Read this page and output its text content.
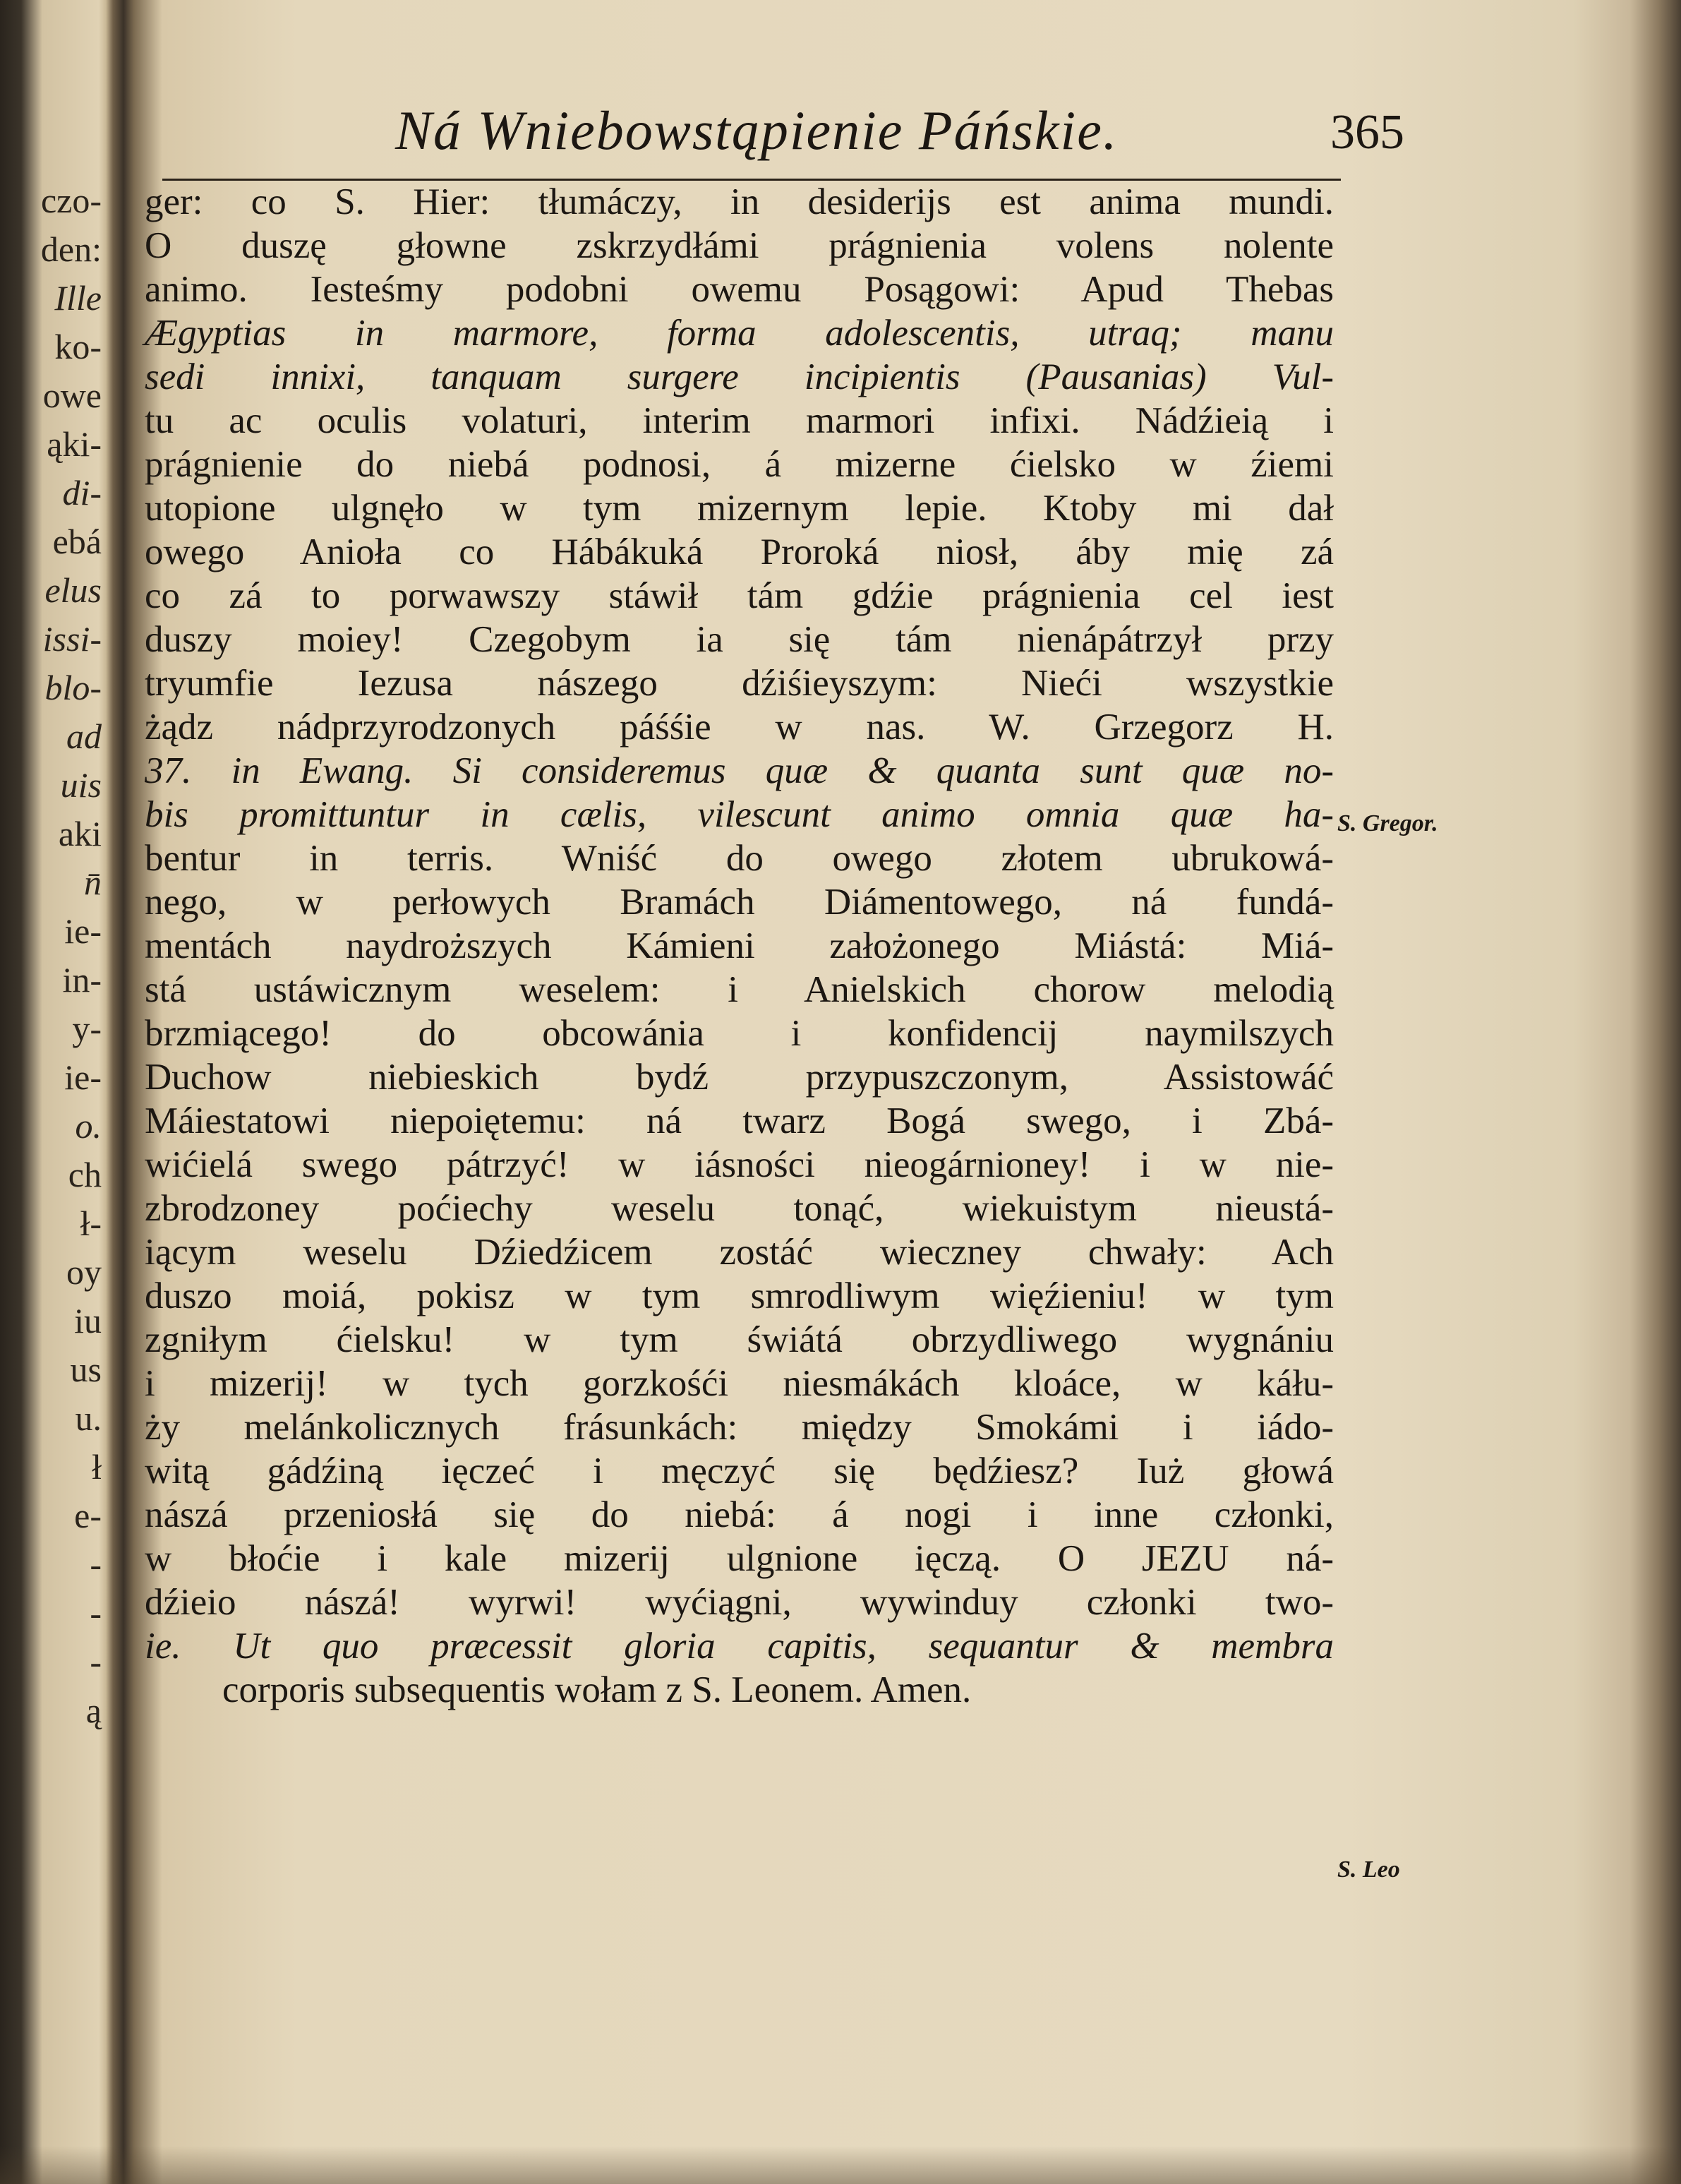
czo-
den:
Ille
ko-
owe
ąki-
di-
ebá
elus
issi-
blo-
ad
uis
aki
n̄
ie-
in-
y-
ie-
o.
ch
ł-
oy
iu
us
u.
ł
e-
-
-
-
ą
Ná Wniebowstąpienie Páńskie.	365
ger: co S. Hier: tłumáczy, in desiderijs est anima mundi.
O duszę głowne zskrzydłámi prágnienia volens nolente
animo. Iesteśmy podobni owemu Posągowi: Apud Thebas
Ægyptias in marmore, forma adolescentis, utraq; manu
sedi innixi, tanquam surgere incipientis (Pausanias) Vul-
tu ac oculis volaturi, interim marmori infixi. Nádźieią i
prágnienie do niebá podnosi, á mizerne ćielsko w źiemi
utopione ulgnęło w tym mizernym lepie. Ktoby mi dał
owego Anioła co Hábákuká Proroká niosł, áby mię zá
co zá to porwawszy stáwił tám gdźie prágnienia cel iest
duszy moiey! Czegobym ia się tám nienápátrzył przy
tryumfie Iezusa nászego dźiśieyszym: Nieći wszystkie
żądz nádprzyrodzonych páśśie w nas. W. Grzegorz H.
37. in Ewang. Si consideremus quæ & quanta sunt quæ no-
bis promittuntur in cælis, vilescunt animo omnia quæ ha-
bentur in terris. Wniść do owego złotem ubrukowá-
nego, w perłowych Bramách Diámentowego, ná fundá-
mentách naydroższych Kámieni założonego Miástá: Miá-
stá ustáwicznym weselem: i Anielskich chorow melodią
brzmiącego! do obcowánia i konfidencij naymilszych
Duchow niebieskich bydź przypuszczonym, Assistowáć
Máiestatowi niepoiętemu: ná twarz Bogá swego, i Zbá-
wićielá swego pátrzyć! w iásności nieogárnioney! i w nie-
zbrodzoney poćiechy weselu tonąć, wiekuistym nieustá-
iącym weselu Dźiedźicem zostáć wieczney chwały: Ach
duszo moiá, pokisz w tym smrodliwym więźieniu! w tym
zgniłym ćielsku! w tym świátá obrzydliwego wygnániu
i mizerij! w tych gorzkośći niesmákách kloáce, w káłu-
ży melánkolicznych frásunkách: między Smokámi i iádo-
witą gádźiną ięczeć i męczyć się będźiesz? Iuż głowá
nászá przeniosłá się do niebá: á nogi i inne członki,
w błoćie i kale mizerij ulgnione ięczą. O JEZU ná-
dźieio nászá! wyrwi! wyćiągni, wywinduy członki two-
ie. Ut quo præcessit gloria capitis, sequantur & membra
corporis subsequentis wołam z S. Leonem. Amen.
S. Gregor.
S. Leo
